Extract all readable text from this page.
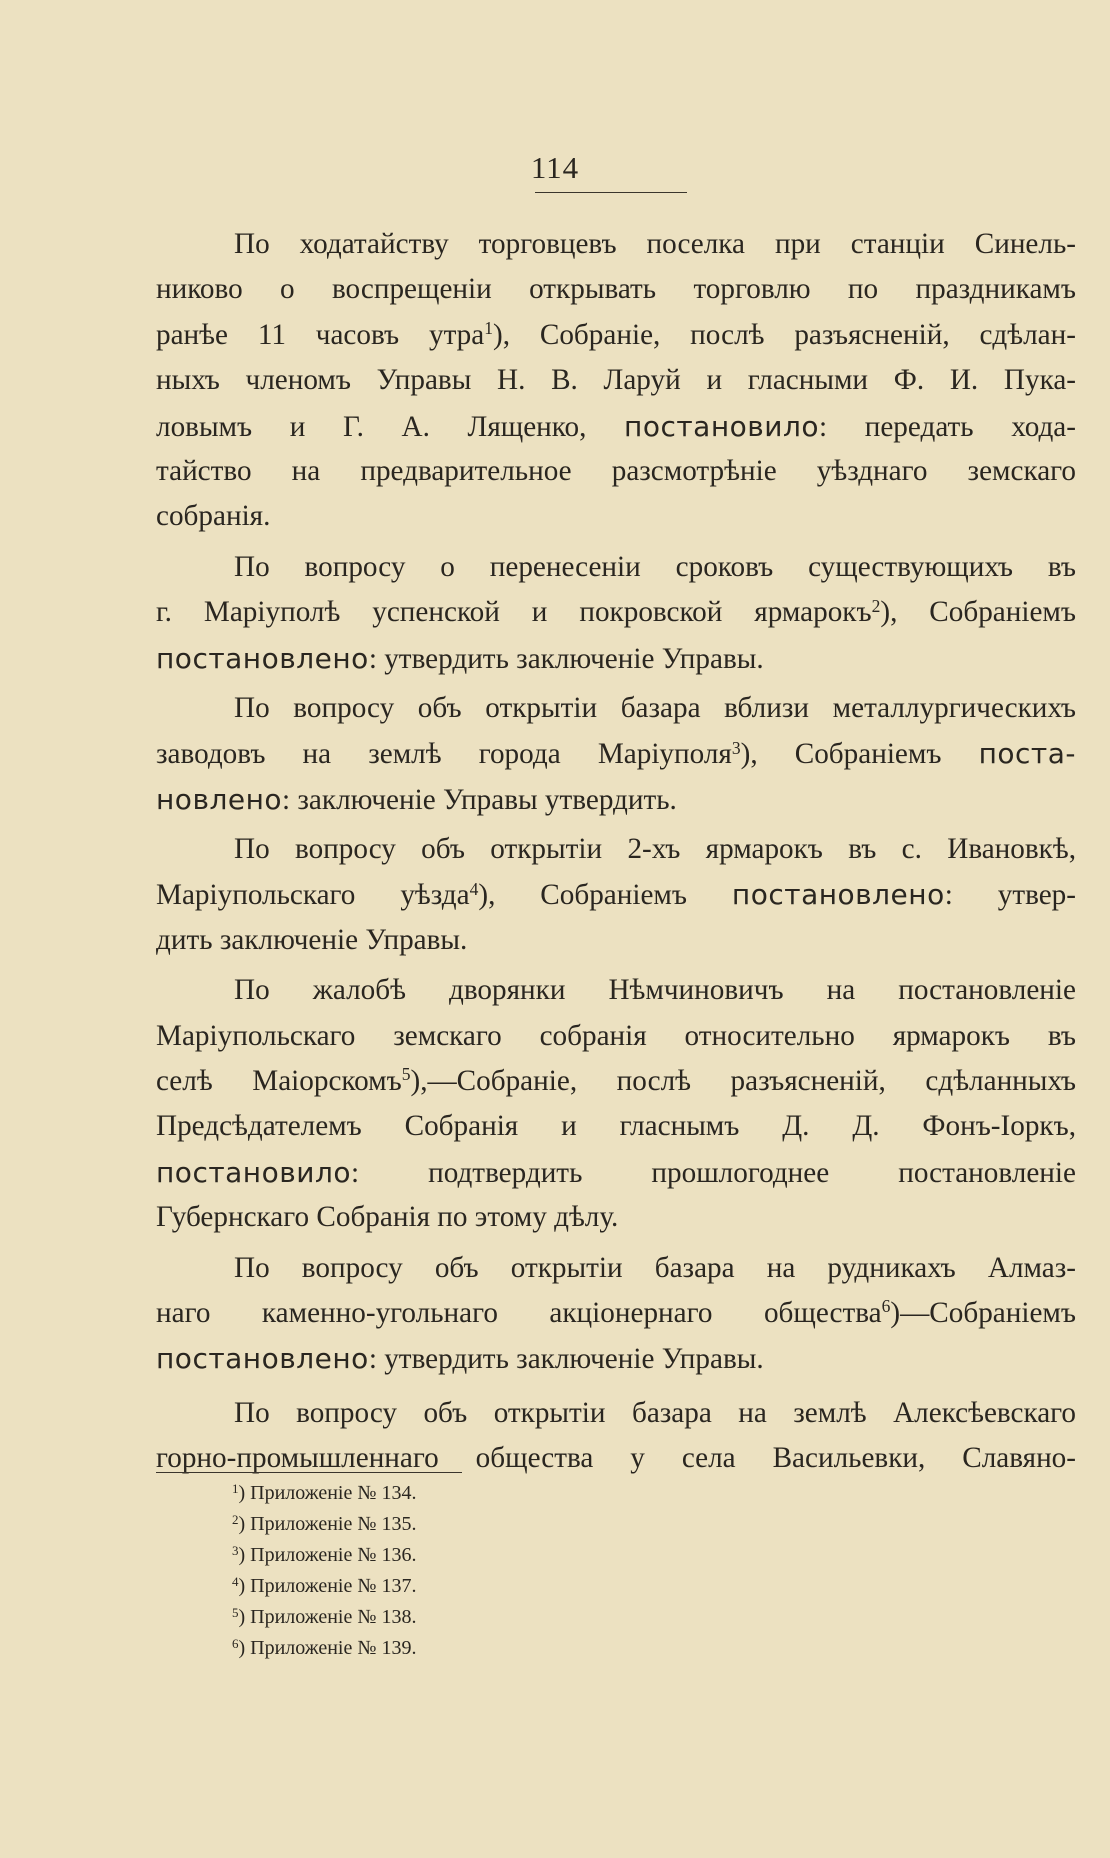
114
По ходатайству торговцевъ поселка при станціи Синель-
никово о воспрещеніи открывать торговлю по праздникамъ
ранѣе 11 часовъ утра$^1$), Собраніе, послѣ разъясненій, сдѣлан-
ныхъ членомъ Управы Н. В. Ларуй и гласными Ф. И. Пука-
ловымъ и Г. А. Лященко, постановило: передать хода-
тайство на предварительное разсмотрѣніе уѣзднаго земскаго
собранія.
По вопросу о перенесеніи сроковъ существующихъ въ
г. Маріуполѣ успенской и покровской ярмарокъ$^2$), Собраніемъ
постановлено: утвердить заключеніе Управы.
По вопросу объ открытіи базара вблизи металлургическихъ
заводовъ на землѣ города Маріуполя$^3$), Собраніемъ поста-
новлено: заключеніе Управы утвердить.
По вопросу объ открытіи 2-хъ ярмарокъ въ с. Ивановкѣ,
Маріупольскаго уѣзда$^4$), Собраніемъ постановлено: утвер-
дить заключеніе Управы.
По жалобѣ дворянки Нѣмчиновичъ на постановленіе
Маріупольскаго земскаго собранія относительно ярмарокъ въ
селѣ Маіорскомъ$^5$),—Собраніе, послѣ разъясненій, сдѣланныхъ
Предсѣдателемъ Собранія и гласнымъ Д. Д. Фонъ-Іоркъ,
постановило: подтвердить прошлогоднее постановленіе
Губернскаго Собранія по этому дѣлу.
По вопросу объ открытіи базара на рудникахъ Алмаз-
наго каменно-угольнаго акціонернаго общества$^6$)—Собраніемъ
постановлено: утвердить заключеніе Управы.
По вопросу объ открытіи базара на землѣ Алексѣевскаго
горно-промышленнаго общества у села Васильевки, Славяно-
$^1$) Приложеніе № 134.
$^2$) Приложеніе № 135.
$^3$) Приложеніе № 136.
$^4$) Приложеніе № 137.
$^5$) Приложеніе № 138.
$^6$) Приложеніе № 139.
